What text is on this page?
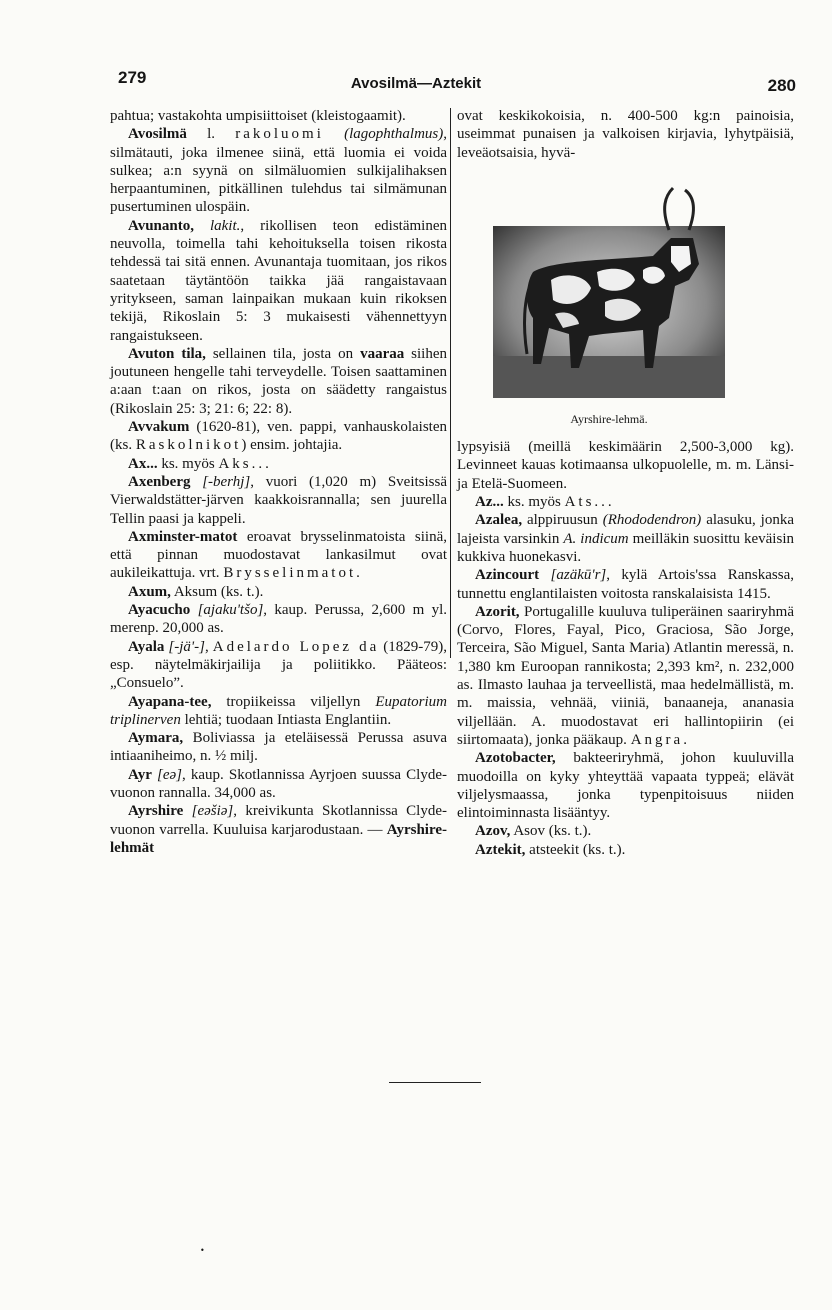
279	Avosilmä—Aztekit	280

pahtua; vastakohta umpisiittoiset (kleistogaamit).

Avosilmä l. rakoluomi (lagophthalmus), silmätauti, joka ilmenee siinä, että luomia ei voida sulkea; a:n syynä on silmäluomien sulkijalihaksen herpaantuminen, pitkällinen tulehdus tai silmämunan pusertuminen ulospäin.

Avunanto, lakit., rikollisen teon edistäminen neuvolla, toimella tahi kehoituksella toisen rikosta tehdessä tai sitä ennen. Avunantaja tuomitaan, jos rikos saatetaan täytäntöön taikka jää rangaistavaan yritykseen, saman lainpaikan mukaan kuin rikoksen tekijä, Rikoslain 5: 3 mukaisesti vähennettyyn rangaistukseen.

Avuton tila, sellainen tila, josta on vaaraa siihen joutuneen hengelle tahi terveydelle. Toisen saattaminen a:aan t:aan on rikos, josta on säädetty rangaistus (Rikoslain 25: 3; 21: 6; 22: 8).

Avvakum (1620-81), ven. pappi, vanhauskolaisten (ks. Raskolnikot) ensim. johtajia.

Ax... ks. myös Aks...

Axenberg [-berhj], vuori (1,020 m) Sveitsissä Vierwaldstätter-järven kaakkoisrannalla; sen juurella Tellin paasi ja kappeli.

Axminster-matot eroavat brysselinmatoista siinä, että pinnan muodostavat lankasilmut ovat aukileikattuja. vrt. Brysselinmatot.

Axum, Aksum (ks. t.).

Ayacucho [ajaku'tšo], kaup. Perussa, 2,600 m yl. merenp. 20,000 as.

Ayala [-jä'-], Adelardo Lopez da (1829-79), esp. näytelmäkirjailija ja poliitikko. Pääteos: „Consuelo”.

Ayapana-tee, tropiikeissa viljellyn Eupatorium triplinerven lehtiä; tuodaan Intiasta Englantiin.

Aymara, Boliviassa ja eteläisessä Perussa asuva intiaaniheimo, n. ½ milj.

Ayr [eə], kaup. Skotlannissa Ayrjoen suussa Clyde-vuonon rannalla. 34,000 as.

Ayrshire [eəšiə], kreivikunta Skotlannissa Clyde-vuonon varrella. Kuuluisa karjarodustaan. — Ayrshire-lehmät

ovat keskikokoisia, n. 400-500 kg:n painoisia, useimmat punaisen ja valkoisen kirjavia, lyhytpäisiä, leveäotsaisia, hyvä-

Ayrshire-lehmä.

lypsyisiä (meillä keskimäärin 2,500-3,000 kg). Levinneet kauas kotimaansa ulkopuolelle, m. m. Länsi- ja Etelä-Suomeen.

Az... ks. myös Ats...

Azalea, alppiruusun (Rhododendron) alasuku, jonka lajeista varsinkin A. indicum meilläkin suosittu keväisin kukkiva huonekasvi.

Azincourt [azäkū'r], kylä Artois'ssa Ranskassa, tunnettu englantilaisten voitosta ranskalaisista 1415.

Azorit, Portugalille kuuluva tuliperäinen saariryhmä (Corvo, Flores, Fayal, Pico, Graciosa, São Jorge, Terceira, São Miguel, Santa Maria) Atlantin meressä, n. 1,380 km Euroopan rannikosta; 2,393 km², n. 232,000 as. Ilmasto lauhaa ja terveellistä, maa hedelmällistä, m. m. maissia, vehnää, viiniä, banaaneja, ananasia viljellään. A. muodostavat eri hallintopiirin (ei siirtomaata), jonka pääkaup. Angra.

Azotobacter, bakteeriryhmä, johon kuuluvilla muodoilla on kyky yhteyttää vapaata typpeä; elävät viljelysmaassa, jonka typenpitoisuus niiden elintoiminnasta lisääntyy.

Azov, Asov (ks. t.).

Aztekit, atsteekit (ks. t.).

•
